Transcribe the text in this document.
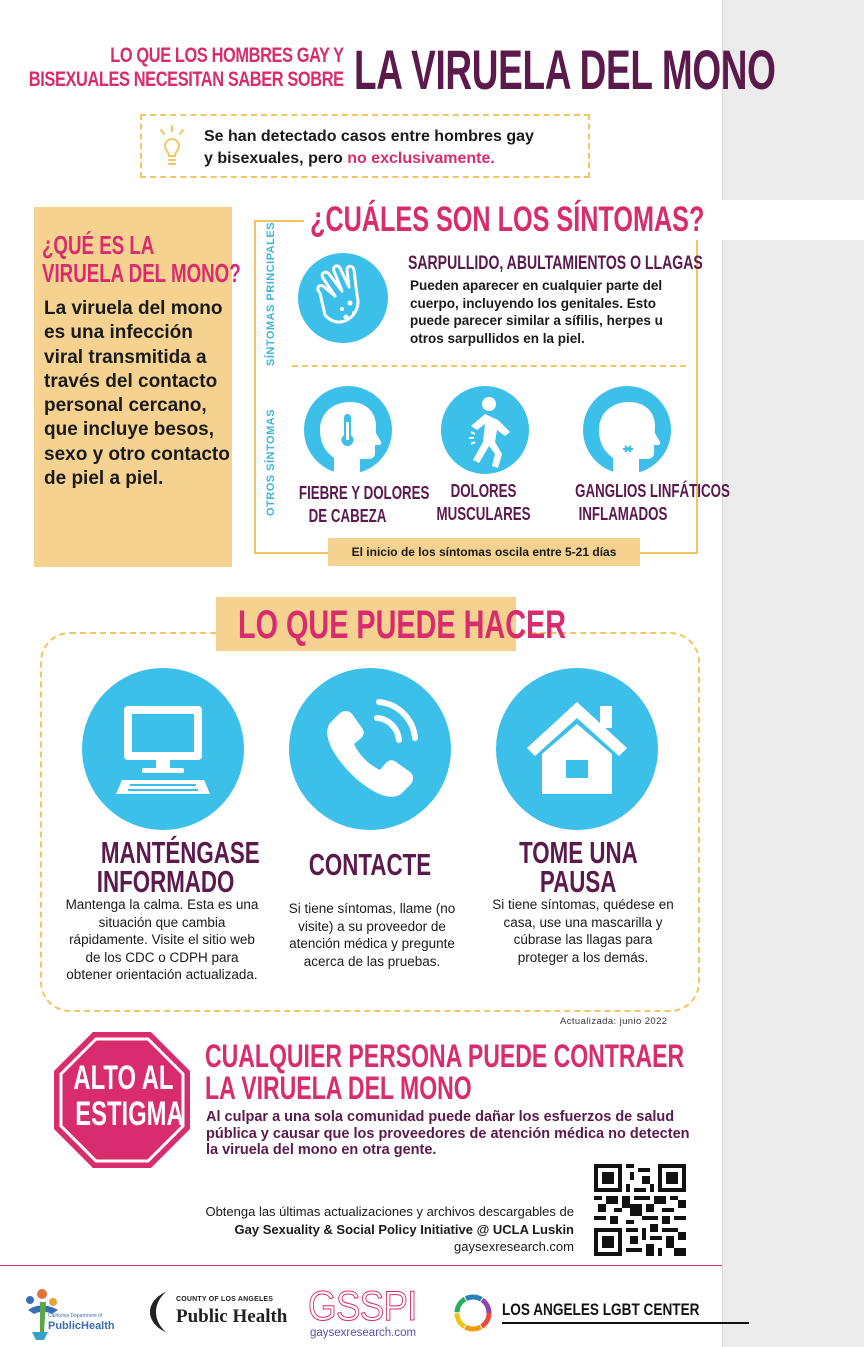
LO QUE LOS HOMBRES GAY Y
BISEXUALES NECESITAN SABER SOBRE LA VIRUELA DEL MONO
Se han detectado casos entre hombres gay
y bisexuales, pero no exclusivamente.
¿QUÉ ES LA
VIRUELA DEL MONO?
La viruela del mono es una infección viral transmitida a través del contacto personal cercano, que incluye besos, sexo y otro contacto de piel a piel.
¿CUÁLES SON LOS SÍNTOMAS?
SÍNTOMAS PRINCIPALES
OTROS SÍNTOMAS
SARPULLIDO, ABULTAMIENTOS O LLAGAS
Pueden aparecer en cualquier parte del cuerpo, incluyendo los genitales. Esto puede parecer similar a sífilis, herpes u otros sarpullidos en la piel.
FIEBRE Y DOLORES
DE CABEZA
DOLORES
MUSCULARES
GANGLIOS LINFÁTICOS
INFLAMADOS
El inicio de los síntomas oscila entre 5-21 días
LO QUE PUEDE HACER
MANTÉNGASE
INFORMADO	CONTACTE	TOME UNA
PAUSA
Mantenga la calma. Esta es una situación que cambia rápidamente. Visite el sitio web de los CDC o CDPH para obtener orientación actualizada.
Si tiene síntomas, llame (no visite) a su proveedor de atención médica y pregunte acerca de las pruebas.
Si tiene síntomas, quédese en casa, use una mascarilla y cúbrase las llagas para proteger a los demás.
Actualizada: junio 2022
ALTO AL
ESTIGMA
CUALQUIER PERSONA PUEDE CONTRAER
LA VIRUELA DEL MONO
Al culpar a una sola comunidad puede dañar los esfuerzos de salud pública y causar que los proveedores de atención médica no detecten la viruela del mono en otra gente.
Obtenga las últimas actualizaciones y archivos descargables de
Gay Sexuality & Social Policy Initiative @ UCLA Luskin
gaysexresearch.com
California Department of
PublicHealth
COUNTY OF LOS ANGELES
Public Health GSSPI
gaysexresearch.com
LOS ANGELES LGBT CENTER
